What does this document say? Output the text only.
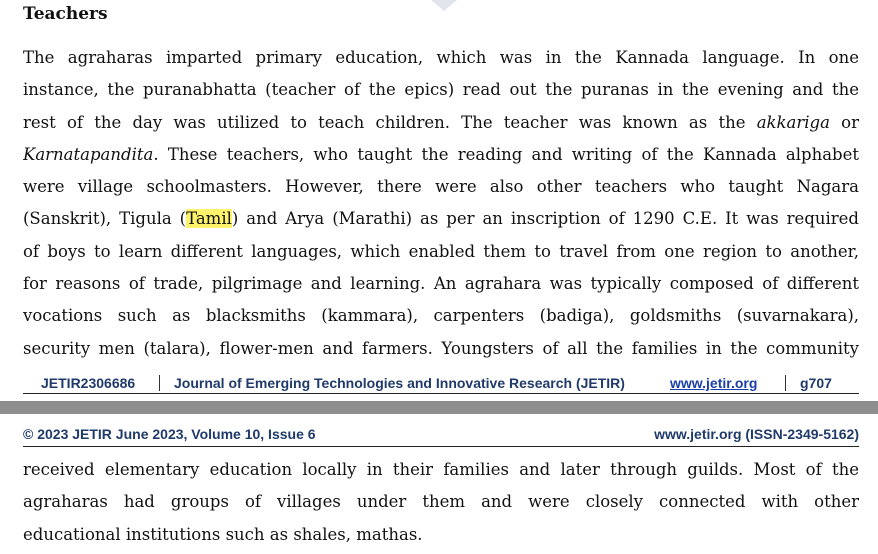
Teachers
The agraharas imparted primary education, which was in the Kannada language. In one
instance, the puranabhatta (teacher of the epics) read out the puranas in the evening and the
rest of the day was utilized to teach children. The teacher was known as the akkariga or
Karnatapandita. These teachers, who taught the reading and writing of the Kannada alphabet
were village schoolmasters. However, there were also other teachers who taught Nagara
(Sanskrit), Tigula (Tamil) and Arya (Marathi) as per an inscription of 1290 C.E. It was required
of boys to learn different languages, which enabled them to travel from one region to another,
for reasons of trade, pilgrimage and learning. An agrahara was typically composed of different
vocations such as blacksmiths (kammara), carpenters (badiga), goldsmiths (suvarnakara),
security men (talara), flower-men and farmers. Youngsters of all the families in the community
JETIR2306686	Journal of Emerging Technologies and Innovative Research (JETIR)	www.jetir.org	g707
© 2023 JETIR June 2023, Volume 10, Issue 6	www.jetir.org (ISSN-2349-5162)
received elementary education locally in their families and later through guilds. Most of the
agraharas had groups of villages under them and were closely connected with other
educational institutions such as shales, mathas.
